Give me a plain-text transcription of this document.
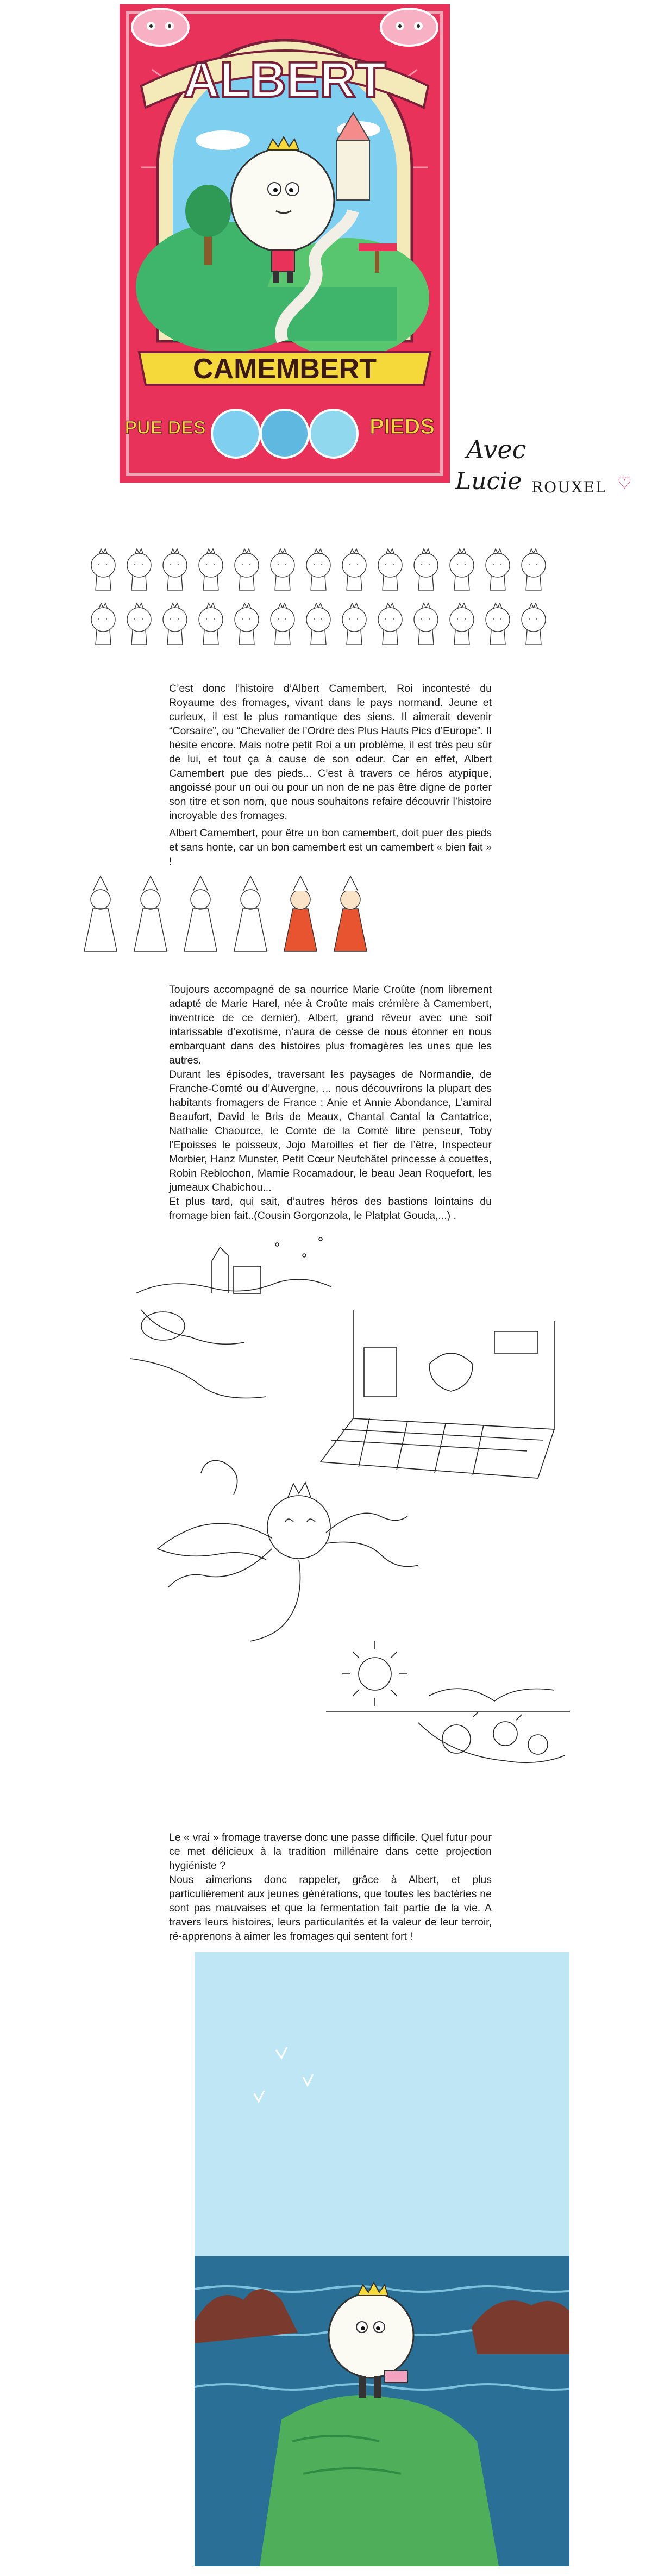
ALBERT
CAMEMBERT
PUE DES	PIEDS
Avec
Lucie ROUXEL ♡

C’est donc l’histoire d’Albert Camembert, Roi incontesté du Royaume des fromages, vivant dans le pays normand. Jeune et curieux, il est le plus romantique des siens. Il aimerait devenir “Corsaire”, ou “Chevalier de l’Ordre des Plus Hauts Pics d’Europe”. Il hésite encore. Mais notre petit Roi a un problème, il est très peu sûr de lui, et tout ça à cause de son odeur. Car en effet, Albert Camembert pue des pieds... C’est à travers ce héros atypique, angoissé pour un oui ou pour un non de ne pas être digne de porter son titre et son nom, que nous souhaitons refaire découvrir l’histoire incroyable des fromages.

Albert Camembert, pour être un bon camembert, doit puer des pieds et sans honte, car un bon camembert est un camembert « bien fait » !

Toujours accompagné de sa nourrice Marie Croûte (nom librement adapté de Marie Harel, née à Croûte mais crémière à Camembert, inventrice de ce dernier), Albert, grand rêveur avec une soif intarissable d’exotisme, n’aura de cesse de nous étonner en nous embarquant dans des histoires plus fromagères les unes que les autres.
Durant les épisodes, traversant les paysages de Normandie, de Franche-Comté ou d’Auvergne, ... nous découvrirons la plupart des habitants fromagers de France : Anie et Annie Abondance, L’amiral Beaufort, David le Bris de Meaux, Chantal Cantal la Cantatrice, Nathalie Chaource, le Comte de la Comté libre penseur, Toby l’Epoisses le poisseux, Jojo Maroilles et fier de l’être, Inspecteur Morbier, Hanz Munster, Petit Cœur Neufchâtel princesse à couettes, Robin Reblochon, Mamie Rocamadour, le beau Jean Roquefort, les jumeaux Chabichou...
Et plus tard, qui sait, d’autres héros des bastions lointains du fromage bien fait..(Cousin Gorgonzola, le Platplat Gouda,...) .

Le « vrai » fromage traverse donc une passe difficile. Quel futur pour ce met délicieux à la tradition millénaire dans cette projection hygiéniste ?
Nous aimerions donc rappeler, grâce à Albert, et plus particulièrement aux jeunes générations, que toutes les bactéries ne sont pas mauvaises et que la fermentation fait partie de la vie. A travers leurs histoires, leurs particularités et la valeur de leur terroir, ré-apprenons à aimer les fromages qui sentent fort !
